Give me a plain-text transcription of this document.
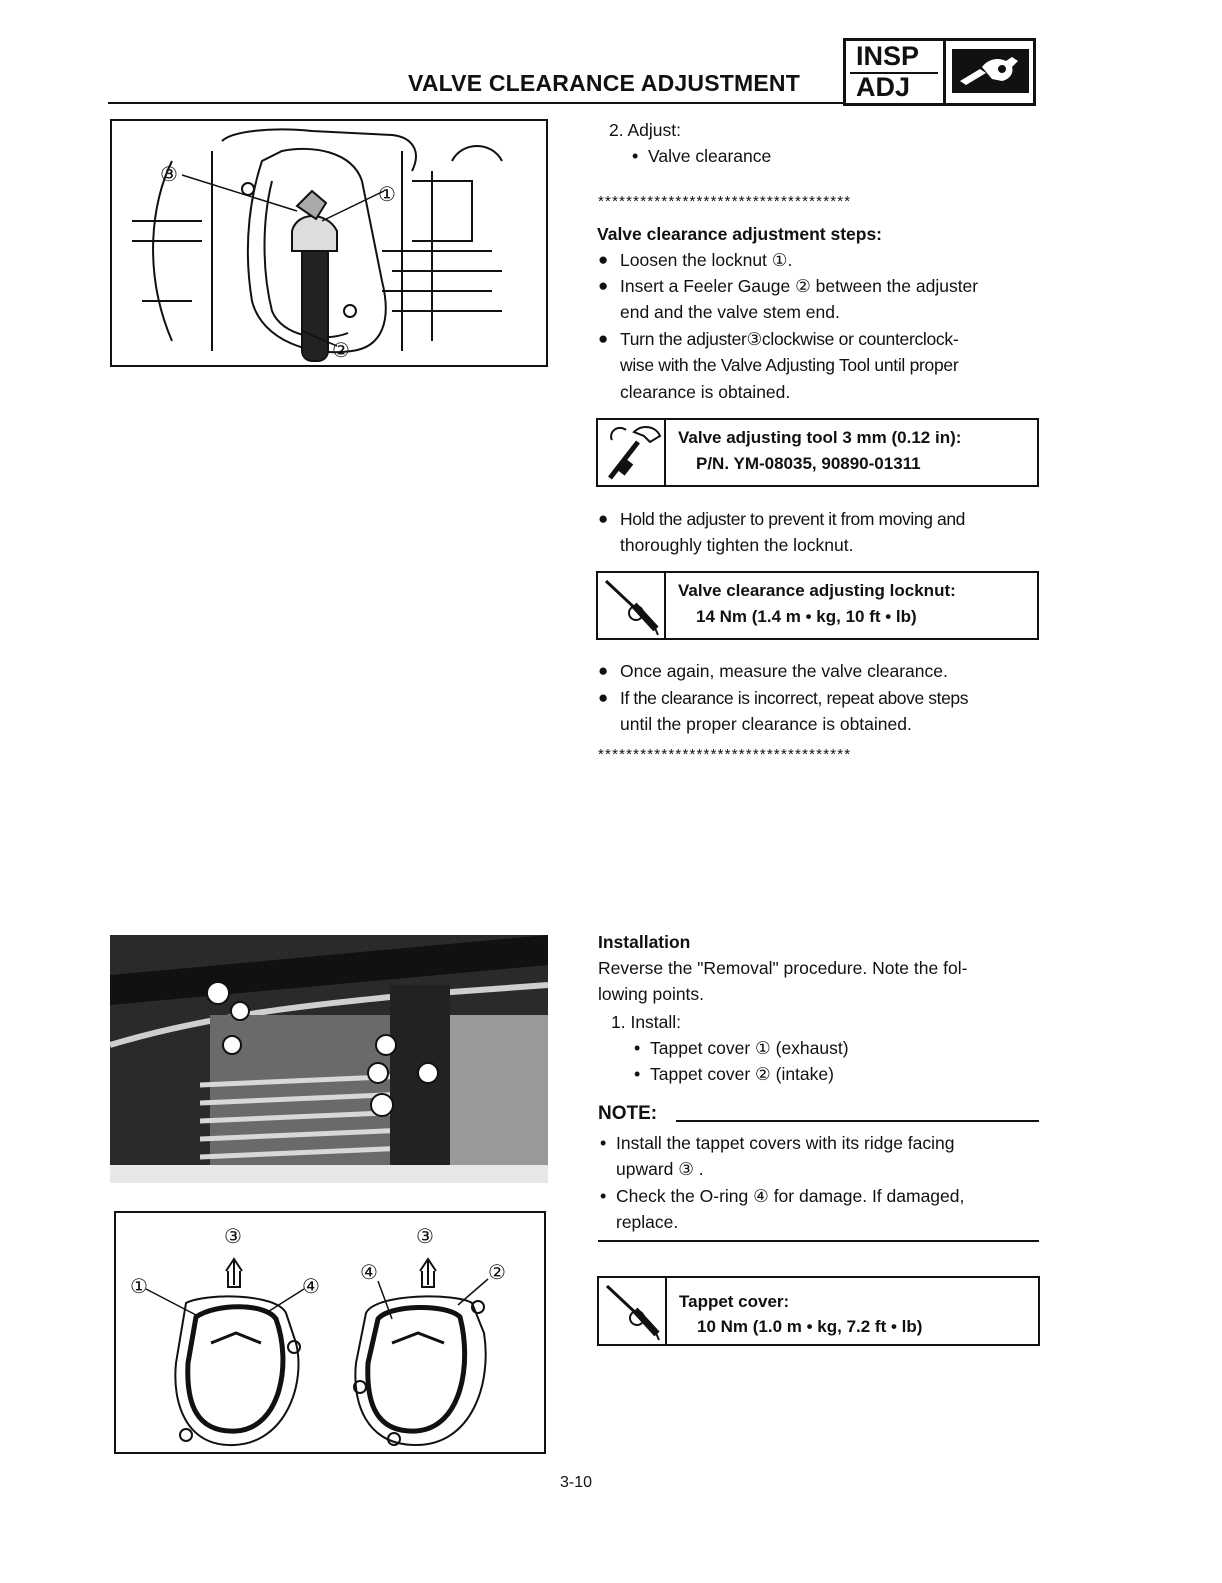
VALVE CLEARANCE ADJUSTMENT
INSP
ADJ
③
①
②
③	③
①	④
④	②
2. Adjust:
• Valve clearance
************************************
Valve clearance adjustment steps:
● Loosen the locknut ①.
● Insert a Feeler Gauge ② between the adjuster
end and the valve stem end.
● Turn the adjuster③clockwise or counterclock-
wise with the Valve Adjusting Tool until proper
clearance is obtained.
Valve adjusting tool 3 mm (0.12 in):
P/N. YM-08035, 90890-01311
● Hold the adjuster to prevent it from moving and
thoroughly tighten the locknut.
Valve clearance adjusting locknut:
14 Nm (1.4 m • kg, 10 ft • lb)
● Once again, measure the valve clearance.
● If the clearance is incorrect, repeat above steps
until the proper clearance is obtained.
************************************
Installation
Reverse the "Removal" procedure. Note the fol-
lowing points.
1. Install:
• Tappet cover ① (exhaust)
• Tappet cover ② (intake)
NOTE:
• Install the tappet covers with its ridge facing
upward ③ .
• Check the O-ring ④ for damage. If damaged,
replace.
Tappet cover:
10 Nm (1.0 m • kg, 7.2 ft • lb)
3-10
